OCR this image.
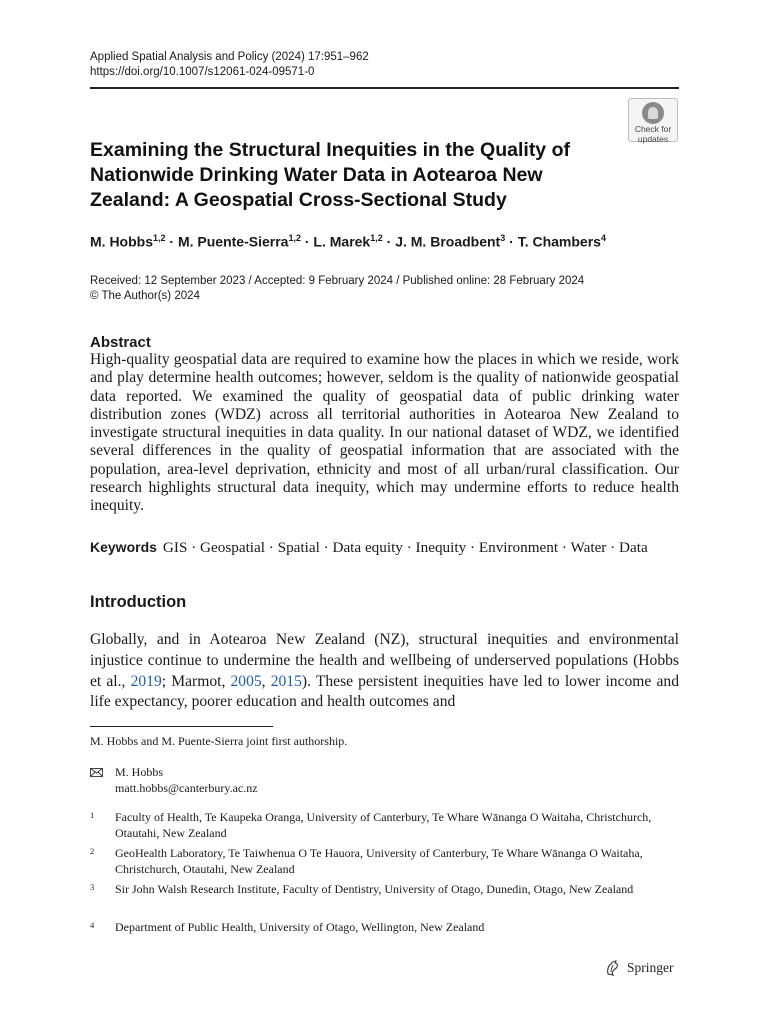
Applied Spatial Analysis and Policy (2024) 17:951–962
https://doi.org/10.1007/s12061-024-09571-0
Check for
updates
Examining the Structural Inequities in the Quality of Nationwide Drinking Water Data in Aotearoa New Zealand: A Geospatial Cross-Sectional Study
M. Hobbs$^{1,2}$ · M. Puente-Sierra$^{1,2}$ · L. Marek$^{1,2}$ · J. M. Broadbent$^3$ · T. Chambers$^4$
Received: 12 September 2023 / Accepted: 9 February 2024 / Published online: 28 February 2024
© The Author(s) 2024
Abstract

High-quality geospatial data are required to examine how the places in which we reside, work and play determine health outcomes; however, seldom is the quality of nationwide geospatial data reported. We examined the quality of geospatial data of public drinking water distribution zones (WDZ) across all territorial authorities in Aotearoa New Zealand to investigate structural inequities in data quality. In our national dataset of WDZ, we identified several differences in the quality of geospatial information that are associated with the population, area-level deprivation, ethnicity and most of all urban/rural classification. Our research highlights structural data inequity, which may undermine efforts to reduce health inequity.

Keywords GIS · Geospatial · Spatial · Data equity · Inequity · Environment · Water · Data
Introduction

Globally, and in Aotearoa New Zealand (NZ), structural inequities and environmental injustice continue to undermine the health and wellbeing of underserved populations (Hobbs et al., 2019; Marmot, 2005, 2015). These persistent inequities have led to lower income and life expectancy, poorer education and health outcomes and

M. Hobbs and M. Puente-Sierra joint first authorship.
M. Hobbs
matt.hobbs@canterbury.ac.nz
1 Faculty of Health, Te Kaupeka Oranga, University of Canterbury, Te Whare Wānanga O Waitaha, Christchurch, Otautahi, New Zealand
2 GeoHealth Laboratory, Te Taiwhenua O Te Hauora, University of Canterbury, Te Whare Wānanga O Waitaha, Christchurch, Otautahi, New Zealand
3 Sir John Walsh Research Institute, Faculty of Dentistry, University of Otago, Dunedin, Otago, New Zealand
4 Department of Public Health, University of Otago, Wellington, New Zealand
Springer
